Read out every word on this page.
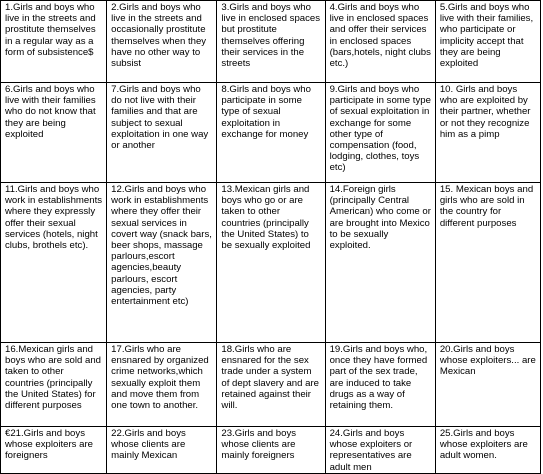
1.Girls and boys who live in the streets and prostitute themselves in a regular way as a form of subsistence$	2.Girls and boys who live in the streets and occasionally prostitute themselves when they have no other way to subsist	3.Girls and boys who live in enclosed spaces but prostitute themselves offering their services in the streets	4.Girls and boys who live in enclosed spaces and offer their services in enclosed spaces (bars,hotels, night clubs etc.)	5.Girls and boys who live with their families, who participate or implicity accept that they are being exploited
6.Girls and boys who live with their families who do not know that they are being exploited	7.Girls and boys who do not live with their families and that are subject to sexual exploitation in one way or another	8.Girls and boys who participate in some type of sexual exploitation in exchange for money	9.Girls and boys who participate in some type of sexual exploitation in exchange for some other type of compensation (food, lodging, clothes, toys etc)	10. Girls and boys who are exploited by their partner, whether or not they recognize him as a pimp
11.Girls and boys who work in establishments where they expressly offer their sexual services (hotels, night clubs, brothels etc).	12.Girls and boys who work in establishments where they offer their sexual services in covert way (snack bars, beer shops, massage parlours,escort agencies,beauty parlours, escort agencies, party entertainment etc)	13.Mexican girls and boys who go or are taken to other countries (principally the United States) to be sexually exploited	14.Foreign girls (principally Central American) who come or are brought into Mexico to be sexually exploited.	15. Mexican boys and girls who are sold in the country for different purposes
16.Mexican girls and boys who are sold and taken to other countries (principally the United States) for different purposes	17.Girls who are ensnared by organized crime networks,which sexually exploit them and move them from one town to another.	18.Girls who are ensnared for the sex trade under a system of dept slavery and are retained against their will.	19.Girls and boys who, once they have formed part of the sex trade, are induced to take drugs as a way of retaining them.	20.Girls and boys whose exploiters... are Mexican
€21.Girls and boys whose exploiters are foreigners	22.Girls and boys whose clients are mainly Mexican	23.Girls and boys whose clients are mainly foreigners	24.Girls and boys whose exploiters or representatives are adult men	25.Girls and boys whose exploiters are adult women.
